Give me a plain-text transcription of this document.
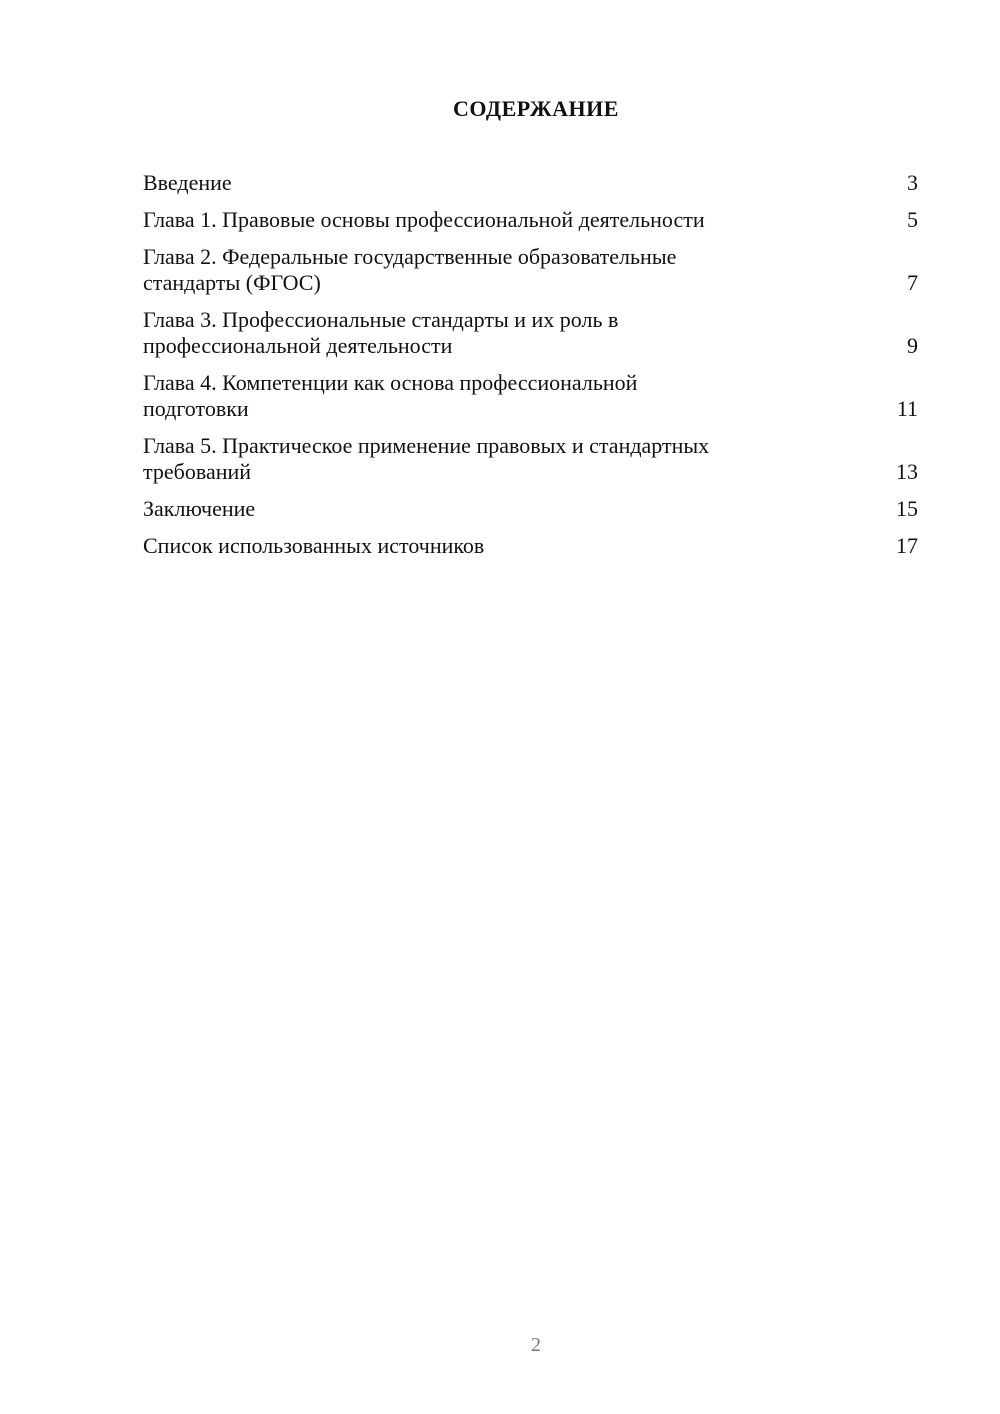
СОДЕРЖАНИЕ
Введение	3
Глава 1. Правовые основы профессиональной деятельности	5
Глава 2. Федеральные государственные образовательные
стандарты (ФГОС)	7
Глава 3. Профессиональные стандарты и их роль в
профессиональной деятельности	9
Глава 4. Компетенции как основа профессиональной
подготовки	11
Глава 5. Практическое применение правовых и стандартных
требований	13
Заключение	15
Список использованных источников	17
2
